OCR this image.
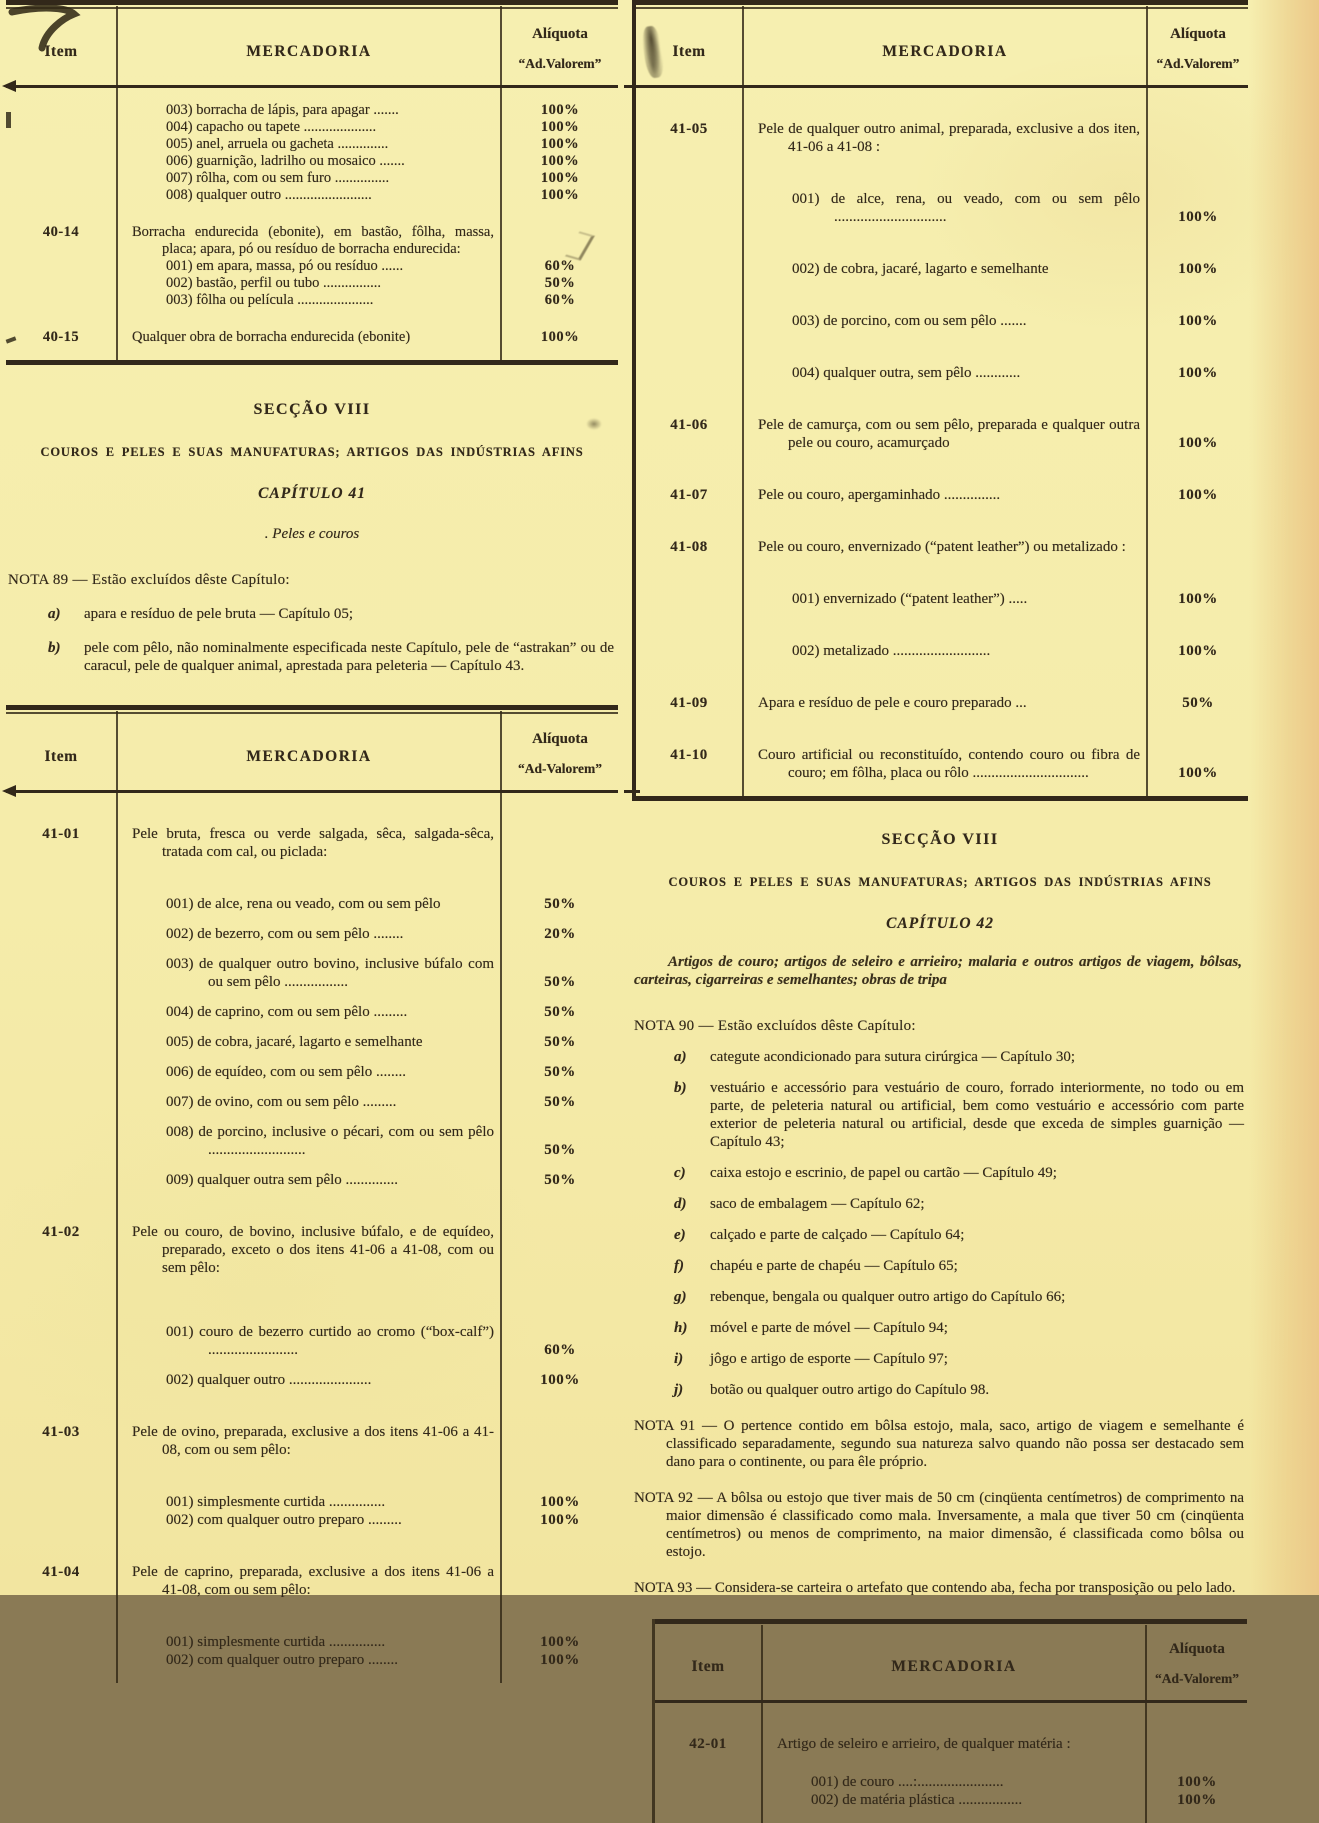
Item	MERCADORIA
Alíquota
“Ad.Valorem”
003) borracha de lápis, para apagar .......	100%
004) capacho ou tapete ....................	100%
005) anel, arruela ou gacheta ..............	100%
006) guarnição, ladrilho ou mosaico .......	100%
007) rôlha, com ou sem furo ...............	100%
008) qualquer outro ........................	100%
40-14	Borracha endurecida (ebonite), em bastão, fôlha, massa, placa; apara, pó ou resíduo de borracha endurecida:
001) em apara, massa, pó ou resíduo ......	60%
002) bastão, perfil ou tubo ................	50%
003) fôlha ou película .....................	60%
40-15	Qualquer obra de borracha endurecida (ebonite)	100%
SECÇÃO VIII
COUROS E PELES E SUAS MANUFATURAS; ARTIGOS DAS INDÚSTRIAS AFINS
CAPÍTULO 41
. Peles e couros
NOTA 89 — Estão excluídos dêste Capítulo:
a)	apara e resíduo de pele bruta — Capítulo 05;
b)	pele com pêlo, não nominalmente especificada neste Capítulo, pele de “astrakan” ou de caracul, pele de qualquer animal, aprestada para peleteria — Capítulo 43.
Item	MERCADORIA
Alíquota
“Ad-Valorem”
41-01	Pele bruta, fresca ou verde salgada, sêca, salgada-sêca, tratada com cal, ou piclada:
001) de alce, rena ou veado, com ou sem pêlo	50%
002) de bezerro, com ou sem pêlo ........	20%
003) de qualquer outro bovino, inclusive búfalo com ou sem pêlo .................	50%
004) de caprino, com ou sem pêlo .........	50%
005) de cobra, jacaré, lagarto e semelhante	50%
006) de equídeo, com ou sem pêlo ........	50%
007) de ovino, com ou sem pêlo .........	50%
008) de porcino, inclusive o pécari, com ou sem pêlo ..........................	50%
009) qualquer outra sem pêlo ..............	50%
41-02	Pele ou couro, de bovino, inclusive búfalo, e de equídeo, preparado, exceto o dos itens 41-06 a 41-08, com ou sem pêlo:
001) couro de bezerro curtido ao cromo (“box-calf”) ........................	60%
002) qualquer outro ......................	100%
41-03	Pele de ovino, preparada, exclusive a dos itens 41-06 a 41-08, com ou sem pêlo:
001) simplesmente curtida ...............	100%
002) com qualquer outro preparo .........	100%
41-04	Pele de caprino, preparada, exclusive a dos itens 41-06 a 41-08, com ou sem pêlo:
001) simplesmente curtida ...............	100%
002) com qualquer outro preparo ........	100%
Item	MERCADORIA
Alíquota
“Ad.Valorem”
41-05	Pele de qualquer outro animal, preparada, exclusive a dos iten, 41-06 a 41-08 :
001) de alce, rena, ou veado, com ou sem pêlo ..............................	100%
002) de cobra, jacaré, lagarto e semelhante	100%
003) de porcino, com ou sem pêlo .......	100%
004) qualquer outra, sem pêlo ............	100%
41-06	Pele de camurça, com ou sem pêlo, preparada e qualquer outra pele ou couro, acamurçado	100%
41-07	Pele ou couro, apergaminhado ...............	100%
41-08	Pele ou couro, envernizado (“patent leather”) ou metalizado :
001) envernizado (“patent leather”) .....	100%
002) metalizado ..........................	100%
41-09	Apara e resíduo de pele e couro preparado ...	50%
41-10	Couro artificial ou reconstituído, contendo couro ou fibra de couro; em fôlha, placa ou rôlo ...............................	100%
SECÇÃO VIII
COUROS E PELES E SUAS MANUFATURAS; ARTIGOS DAS INDÚSTRIAS AFINS
CAPÍTULO 42
Artigos de couro; artigos de seleiro e arrieiro; malaria e outros artigos de viagem, bôlsas, carteiras, cigarreiras e semelhantes; obras de tripa
NOTA 90 — Estão excluídos dêste Capítulo:
a)	categute acondicionado para sutura cirúrgica — Capítulo 30;
b)	vestuário e accessório para vestuário de couro, forrado interiormente, no todo ou em parte, de peleteria natural ou artificial, bem como vestuário e accessório com parte exterior de peleteria natural ou artificial, desde que exceda de simples guarnição — Capítulo 43;
c)	caixa estojo e escrinio, de papel ou cartão — Capítulo 49;
d)	saco de embalagem — Capítulo 62;
e)	calçado e parte de calçado — Capítulo 64;
f)	chapéu e parte de chapéu — Capítulo 65;
g)	rebenque, bengala ou qualquer outro artigo do Capítulo 66;
h)	móvel e parte de móvel — Capítulo 94;
i)	jôgo e artigo de esporte — Capítulo 97;
j)	botão ou qualquer outro artigo do Capítulo 98.
NOTA 91 — O pertence contido em bôlsa estojo, mala, saco, artigo de viagem e semelhante é classificado separadamente, segundo sua natureza salvo quando não possa ser destacado sem dano para o continente, ou para êle próprio.
NOTA 92 — A bôlsa ou estojo que tiver mais de 50 cm (cinqüenta centímetros) de comprimento na maior dimensão é classificado como mala. Inversamente, a mala que tiver 50 cm (cinqüenta centímetros) ou menos de comprimento, na maior dimensão, é classificada como bôlsa ou estojo.
NOTA 93 — Considera-se carteira o artefato que contendo aba, fecha por transposição ou pelo lado.
Item	MERCADORIA
Alíquota
“Ad-Valorem”
42-01	Artigo de seleiro e arrieiro, de qualquer matéria :
001) de couro ....:.......................	100%
002) de matéria plástica .................	100%
